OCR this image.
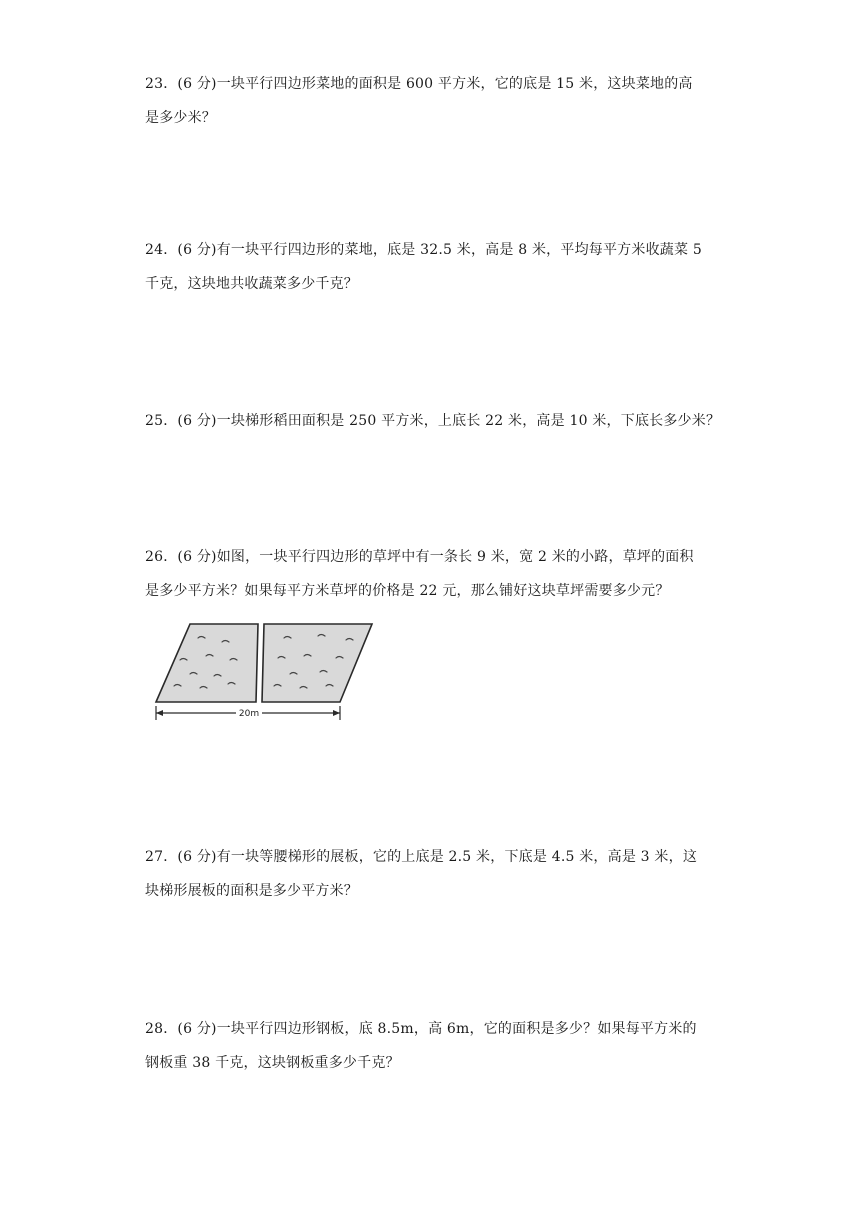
23．(6 分)一块平行四边形菜地的面积是 600 平方米，它的底是 15 米，这块菜地的高

是多少米？

24．(6 分)有一块平行四边形的菜地，底是 32.5 米，高是 8 米，平均每平方米收蔬菜 5

千克，这块地共收蔬菜多少千克？

25．(6 分)一块梯形稻田面积是 250 平方米，上底长 22 米，高是 10 米，下底长多少米？

26．(6 分)如图，一块平行四边形的草坪中有一条长 9 米，宽 2 米的小路，草坪的面积

是多少平方米？如果每平方米草坪的价格是 22 元，那么铺好这块草坪需要多少元？

20m

27．(6 分)有一块等腰梯形的展板，它的上底是 2.5 米，下底是 4.5 米，高是 3 米，这

块梯形展板的面积是多少平方米？

28．(6 分)一块平行四边形钢板，底 8.5m，高 6m，它的面积是多少？如果每平方米的

钢板重 38 千克，这块钢板重多少千克？
